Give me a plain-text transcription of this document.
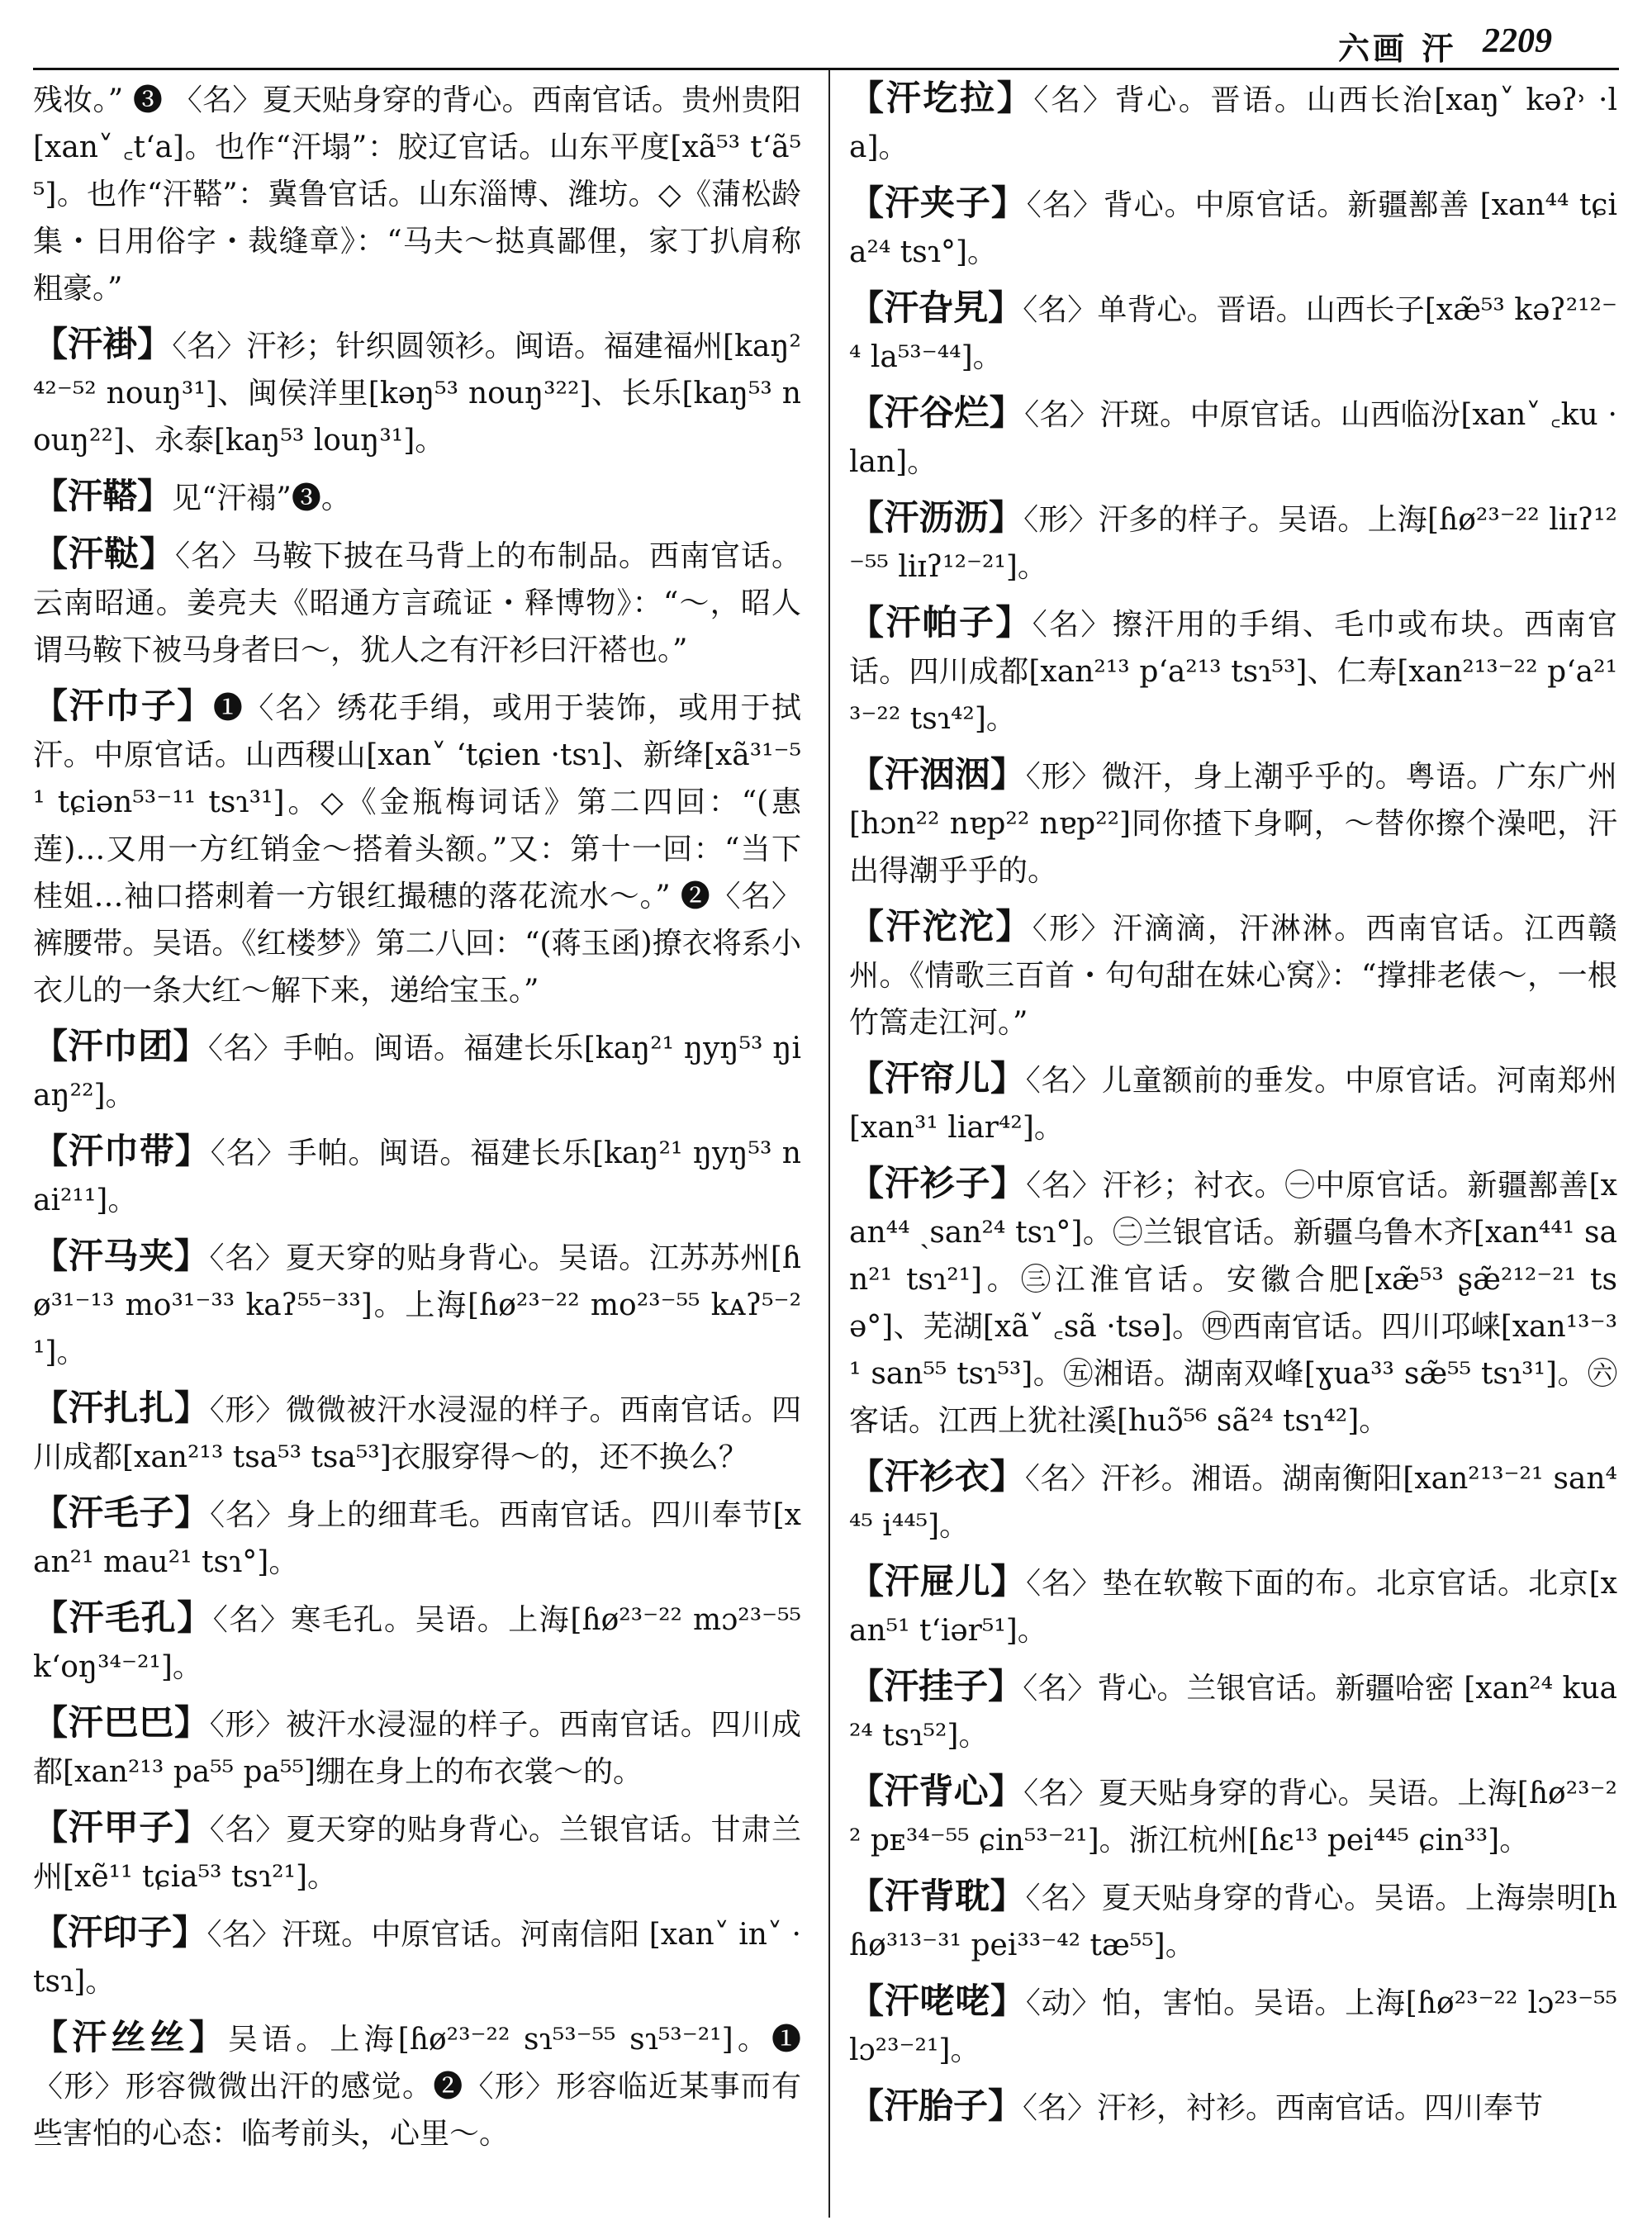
六画 汗 2209
残妆。” ❸ 〈名〉夏天贴身穿的背心。西南官话。贵州贵阳[xan˅ ꜀tʻa]。也作“汗塌”：胶辽官话。山东平度[xã⁵³ tʻã⁵⁵]。也作“汗鞳”：冀鲁官话。山东淄博、潍坊。◇《蒲松龄集・日用俗字・裁缝章》：“马夫～挞真鄙俚，家丁扒肩称粗豪。”
【汗褂】〈名〉汗衫；针织圆领衫。闽语。福建福州[kaŋ²⁴²⁻⁵² nouŋ³¹]、闽侯洋里[kəŋ⁵³ nouŋ³²²]、长乐[kaŋ⁵³ nouŋ²²]、永泰[kaŋ⁵³ louŋ³¹]。
【汗鞳】见“汗褟”❸。
【汗鞑】〈名〉马鞍下披在马背上的布制品。西南官话。云南昭通。姜亮夫《昭通方言疏证・释博物》：“～，昭人谓马鞍下被马身者曰～，犹人之有汗衫曰汗褡也。”
【汗巾子】❶〈名〉绣花手绢，或用于装饰，或用于拭汗。中原官话。山西稷山[xan˅ ʻtɕien ·tsɿ]、新绛[xã³¹⁻⁵¹ tɕiən⁵³⁻¹¹ tsɿ³¹]。◇《金瓶梅词话》第二四回：“(惠莲)…又用一方红销金～搭着头额。”又：第十一回：“当下桂姐…袖口搭刺着一方银红撮穗的落花流水～。” ❷〈名〉裤腰带。吴语。《红楼梦》第二八回：“(蒋玉函)撩衣将系小衣儿的一条大红～解下来，递给宝玉。”
【汗巾团】〈名〉手帕。闽语。福建长乐[kaŋ²¹ ŋyŋ⁵³ ŋiaŋ²²]。
【汗巾带】〈名〉手帕。闽语。福建长乐[kaŋ²¹ ŋyŋ⁵³ nai²¹¹]。
【汗马夹】〈名〉夏天穿的贴身背心。吴语。江苏苏州[ɦø³¹⁻¹³ mo³¹⁻³³ kaʔ⁵⁵⁻³³]。上海[ɦø²³⁻²² mo²³⁻⁵⁵ kᴀʔ⁵⁻²¹]。
【汗扎扎】〈形〉微微被汗水浸湿的样子。西南官话。四川成都[xan²¹³ tsa⁵³ tsa⁵³]衣服穿得～的，还不换么？
【汗毛子】〈名〉身上的细茸毛。西南官话。四川奉节[xan²¹ mau²¹ tsɿ°]。
【汗毛孔】〈名〉寒毛孔。吴语。上海[ɦø²³⁻²² mɔ²³⁻⁵⁵ kʻoŋ³⁴⁻²¹]。
【汗巴巴】〈形〉被汗水浸湿的样子。西南官话。四川成都[xan²¹³ pa⁵⁵ pa⁵⁵]绷在身上的布衣裳～的。
【汗甲子】〈名〉夏天穿的贴身背心。兰银官话。甘肃兰州[xẽ¹¹ tɕia⁵³ tsɿ²¹]。
【汗印子】〈名〉汗斑。中原官话。河南信阳 [xan˅ in˅ ·tsɿ]。
【汗丝丝】吴语。上海[ɦø²³⁻²² sɿ⁵³⁻⁵⁵ sɿ⁵³⁻²¹]。❶〈形〉形容微微出汗的感觉。❷〈形〉形容临近某事而有些害怕的心态：临考前头，心里～。
【汗圪拉】〈名〉背心。晋语。山西长治[xaŋ˅ kəʔ˒ ·la]。
【汗夹子】〈名〉背心。中原官话。新疆鄯善 [xan⁴⁴ tɕia²⁴ tsɿ°]。
【汗旮旯】〈名〉单背心。晋语。山西长子[xæ̃⁵³ kəʔ²¹²⁻⁴ la⁵³⁻⁴⁴]。
【汗谷烂】〈名〉汗斑。中原官话。山西临汾[xan˅ ꜀ku ·lan]。
【汗沥沥】〈形〉汗多的样子。吴语。上海[ɦø²³⁻²² liɪʔ¹²⁻⁵⁵ liɪʔ¹²⁻²¹]。
【汗帕子】〈名〉擦汗用的手绢、毛巾或布块。西南官话。四川成都[xan²¹³ pʻa²¹³ tsɿ⁵³]、仁寿[xan²¹³⁻²² pʻa²¹³⁻²² tsɿ⁴²]。
【汗洇洇】〈形〉微汗，身上潮乎乎的。粤语。广东广州[hɔn²² nɐp²² nɐp²²]同你揸下身啊，～替你擦个澡吧，汗出得潮乎乎的。
【汗沱沱】〈形〉汗滴滴，汗淋淋。西南官话。江西赣州。《情歌三百首・句句甜在妹心窝》：“撑排老俵～，一根竹篙走江河。”
【汗帘儿】〈名〉儿童额前的垂发。中原官话。河南郑州[xan³¹ liar⁴²]。
【汗衫子】〈名〉汗衫；衬衣。㊀中原官话。新疆鄯善[xan⁴⁴ ˏsan²⁴ tsɿ°]。㊁兰银官话。新疆乌鲁木齐[xan⁴⁴¹ san²¹ tsɿ²¹]。㊂江淮官话。安徽合肥[xæ̃⁵³ ʂæ̃²¹²⁻²¹ tsə°]、芜湖[xã˅ ꜀sã ·tsə]。㊃西南官话。四川邛崃[xan¹³⁻³¹ san⁵⁵ tsɿ⁵³]。㊄湘语。湖南双峰[ɣua³³ sæ̃⁵⁵ tsɿ³¹]。㊅客话。江西上犹社溪[huɔ̃⁵⁶ sã²⁴ tsɿ⁴²]。
【汗衫衣】〈名〉汗衫。湘语。湖南衡阳[xan²¹³⁻²¹ san⁴⁴⁵ i⁴⁴⁵]。
【汗屉儿】〈名〉垫在软鞍下面的布。北京官话。北京[xan⁵¹ tʻiər⁵¹]。
【汗挂子】〈名〉背心。兰银官话。新疆哈密 [xan²⁴ kua²⁴ tsɿ⁵²]。
【汗背心】〈名〉夏天贴身穿的背心。吴语。上海[ɦø²³⁻²² pᴇ³⁴⁻⁵⁵ ɕin⁵³⁻²¹]。浙江杭州[ɦɛ¹³ pei⁴⁴⁵ ɕin³³]。
【汗背耽】〈名〉夏天贴身穿的背心。吴语。上海崇明[hɦø³¹³⁻³¹ pei³³⁻⁴² tæ⁵⁵]。
【汗咾咾】〈动〉怕，害怕。吴语。上海[ɦø²³⁻²² lɔ²³⁻⁵⁵ lɔ²³⁻²¹]。
【汗胎子】〈名〉汗衫，衬衫。西南官话。四川奉节
